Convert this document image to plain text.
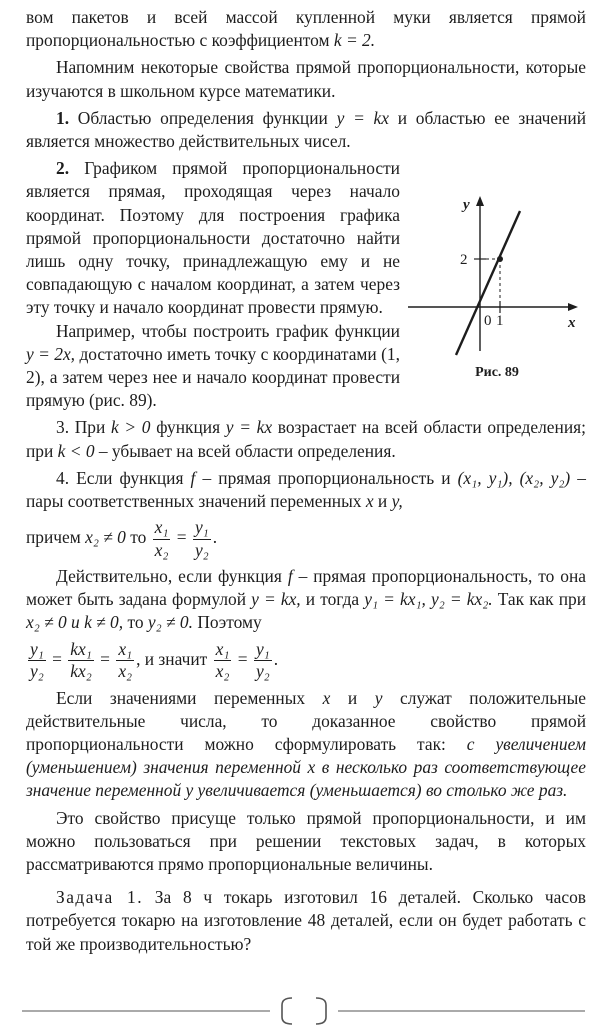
вом пакетов и всей массой купленной муки является прямой пропорциональностью с коэффициентом k = 2.

Напомним некоторые свойства прямой пропорциональности, которые изучаются в школьном курсе математики.

1. Областью определения функции y = kx и областью ее значений является множество действительных чисел.

y
x
2
0 1
Рис. 89

2. Графиком прямой пропорциональности является прямая, проходящая через начало координат. Поэтому для построения графика прямой пропорциональности достаточно найти лишь одну точку, принадлежащую ему и не совпадающую с началом координат, а затем через эту точку и начало координат провести прямую.

Например, чтобы построить график функции y = 2x, достаточно иметь точку с координатами (1, 2), а затем через нее и начало координат провести прямую (рис. 89).

3. При k > 0 функция y = kx возрастает на всей области определения; при k < 0 – убывает на всей области определения.

4. Если функция f – прямая пропорциональность и (x₁, y₁), (x₂, y₂) – пары соответственных значений переменных x и y,

причем x₂ ≠ 0 то $\frac{\text{x₁}}{\text{x₂}} = \frac{\text{y₁}}{\text{y₂}}$ .

Действительно, если функция f – прямая пропорциональность, то она может быть задана формулой y = kx, и тогда y₁ = kx₁, y₂ = kx₂. Так как при x₂ ≠ 0 и k ≠ 0, то y₂ ≠ 0. Поэтому

$\frac{\text{y₁}}{\text{y₂}} = \frac{\text{kx₁}}{\text{kx₂}} = \frac{\text{x₁}}{\text{x₂}}$ , и значит $\frac{\text{x₁}}{\text{x₂}} = \frac{\text{y₁}}{\text{y₂}}$ .

Если значениями переменных x и y служат положительные действительные числа, то доказанное свойство прямой пропорциональности можно сформулировать так: с увеличением (уменьшением) значения переменной x в несколько раз соответствующее значение переменной y увеличивается (уменьшается) во столько же раз.

Это свойство присуще только прямой пропорциональности, и им можно пользоваться при решении текстовых задач, в которых рассматриваются прямо пропорциональные величины.

Задача 1. За 8 ч токарь изготовил 16 деталей. Сколько часов потребуется токарю на изготовление 48 деталей, если он будет работать с той же производительностью?
